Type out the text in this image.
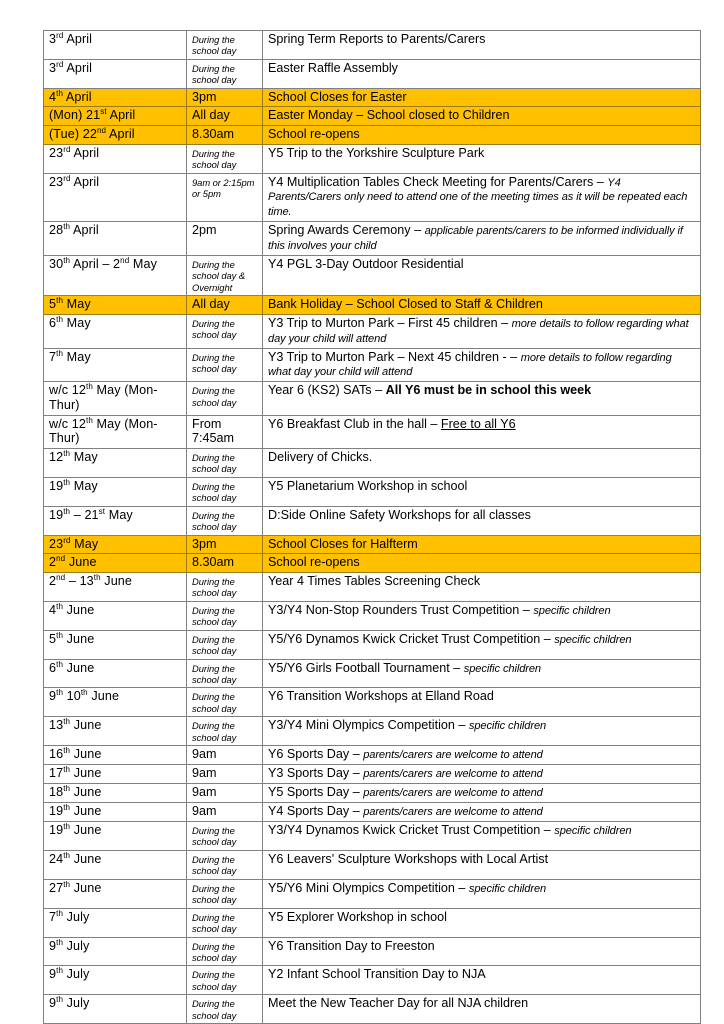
3rd April	During the school day	Spring Term Reports to Parents/Carers
3rd April	During the school day	Easter Raffle Assembly
4th April	3pm	School Closes for Easter
(Mon) 21st April	All day	Easter Monday – School closed to Children
(Tue) 22nd April	8.30am	School re-opens
23rd April	During the school day	Y5 Trip to the Yorkshire Sculpture Park
23rd April	9am or 2:15pm or 5pm	Y4 Multiplication Tables Check Meeting for Parents/Carers – Y4 Parents/Carers only need to attend one of the meeting times as it will be repeated each time.
28th April	2pm	Spring Awards Ceremony – applicable parents/carers to be informed individually if this involves your child
30th April – 2nd May	During the school day & Overnight	Y4 PGL 3-Day Outdoor Residential
5th May	All day	Bank Holiday – School Closed to Staff & Children
6th May	During the school day	Y3 Trip to Murton Park – First 45 children – more details to follow regarding what day your child will attend
7th May	During the school day	Y3 Trip to Murton Park – Next 45 children - – more details to follow regarding what day your child will attend
w/c 12th May (Mon-Thur)	During the school day	Year 6 (KS2) SATs – All Y6 must be in school this week
w/c 12th May (Mon-Thur)	From 7:45am	Y6 Breakfast Club in the hall – Free to all Y6
12th May	During the school day	Delivery of Chicks.
19th May	During the school day	Y5 Planetarium Workshop in school
19th – 21st May	During the school day	D:Side Online Safety Workshops for all classes
23rd May	3pm	School Closes for Halfterm
2nd June	8.30am	School re-opens
2nd – 13th June	During the school day	Year 4 Times Tables Screening Check
4th June	During the school day	Y3/Y4 Non-Stop Rounders Trust Competition – specific children
5th June	During the school day	Y5/Y6 Dynamos Kwick Cricket Trust Competition – specific children
6th June	During the school day	Y5/Y6 Girls Football Tournament – specific children
9th 10th June	During the school day	Y6 Transition Workshops at Elland Road
13th June	During the school day	Y3/Y4 Mini Olympics Competition – specific children
16th June	9am	Y6 Sports Day – parents/carers are welcome to attend
17th June	9am	Y3 Sports Day – parents/carers are welcome to attend
18th June	9am	Y5 Sports Day – parents/carers are welcome to attend
19th June	9am	Y4 Sports Day – parents/carers are welcome to attend
19th June	During the school day	Y3/Y4 Dynamos Kwick Cricket Trust Competition – specific children
24th June	During the school day	Y6 Leavers' Sculpture Workshops with Local Artist
27th June	During the school day	Y5/Y6 Mini Olympics Competition – specific children
7th July	During the school day	Y5 Explorer Workshop in school
9th July	During the school day	Y6 Transition Day to Freeston
9th July	During the school day	Y2 Infant School Transition Day to NJA
9th July	During the school day	Meet the New Teacher Day for all NJA children
